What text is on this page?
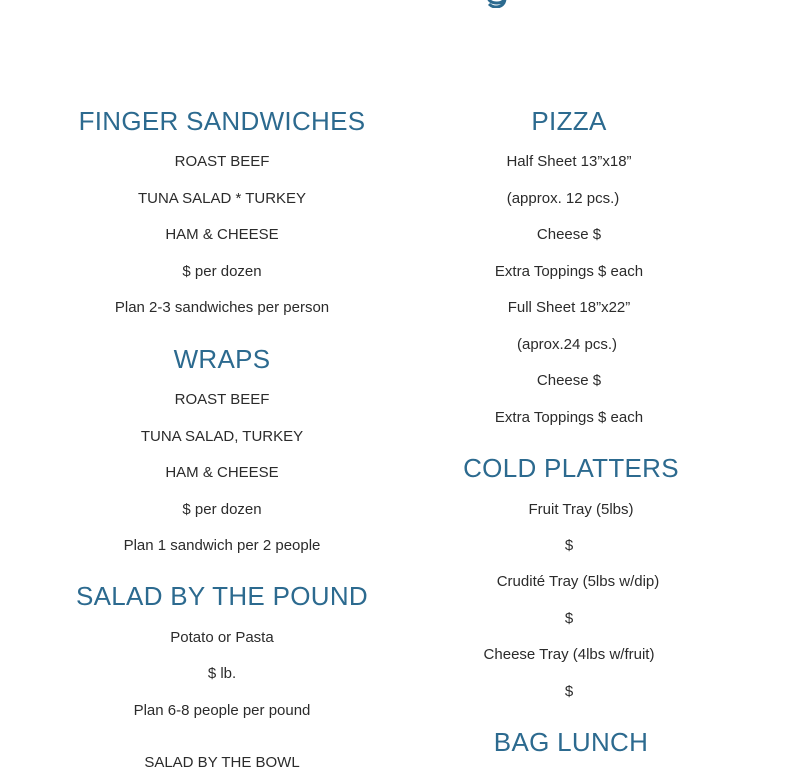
FINGER SANDWICHES
ROAST BEEF
TUNA SALAD * TURKEY
HAM & CHEESE
$ per dozen
Plan 2-3 sandwiches per person
WRAPS
ROAST BEEF
TUNA SALAD, TURKEY
HAM & CHEESE
$ per dozen
Plan 1 sandwich per 2 people
SALAD BY THE POUND
Potato or Pasta
$ lb.
Plan 6-8 people per pound
SALAD BY THE BOWL
PIZZA
Half Sheet 13”x18”
(approx. 12 pcs.)
Cheese $
Extra Toppings $ each
Full Sheet 18”x22”
(aprox.24 pcs.)
Cheese $
Extra Toppings $ each
COLD PLATTERS
Fruit Tray (5lbs)
$
Crudité Tray (5lbs w/dip)
$
Cheese Tray (4lbs w/fruit)
$
BAG LUNCH
